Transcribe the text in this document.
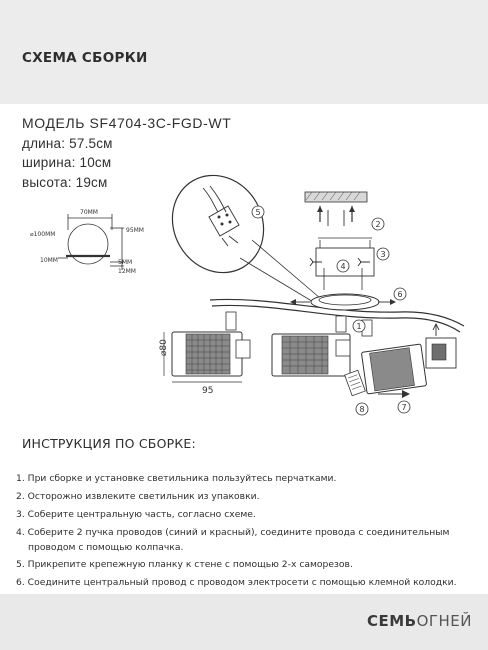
СХЕМА СБОРКИ
МОДЕЛЬ SF4704-3C-FGD-WT
длина: 57.5см
ширина: 10см
высота: 19см
70MM
⌀100MM
95MM
10MM	5MM
12MM
⌀80
95
1
2
3
4
5
6
7
8
ИНСТРУКЦИЯ ПО СБОРКЕ:
1. При сборке и установке светильника пользуйтесь перчатками.
2. Осторожно извлеките светильник из упаковки.
3. Соберите центральную часть, согласно схеме.
4. Соберите 2 пучка проводов (синий и красный), соедините провода с соединительным
проводом с помощью колпачка.
5. Прикрепите крепежную планку к стене с помощью 2-х саморезов.
6. Соедините центральный провод с проводом электросети с помощью клемной колодки.
СЕМЬОГНЕЙ
